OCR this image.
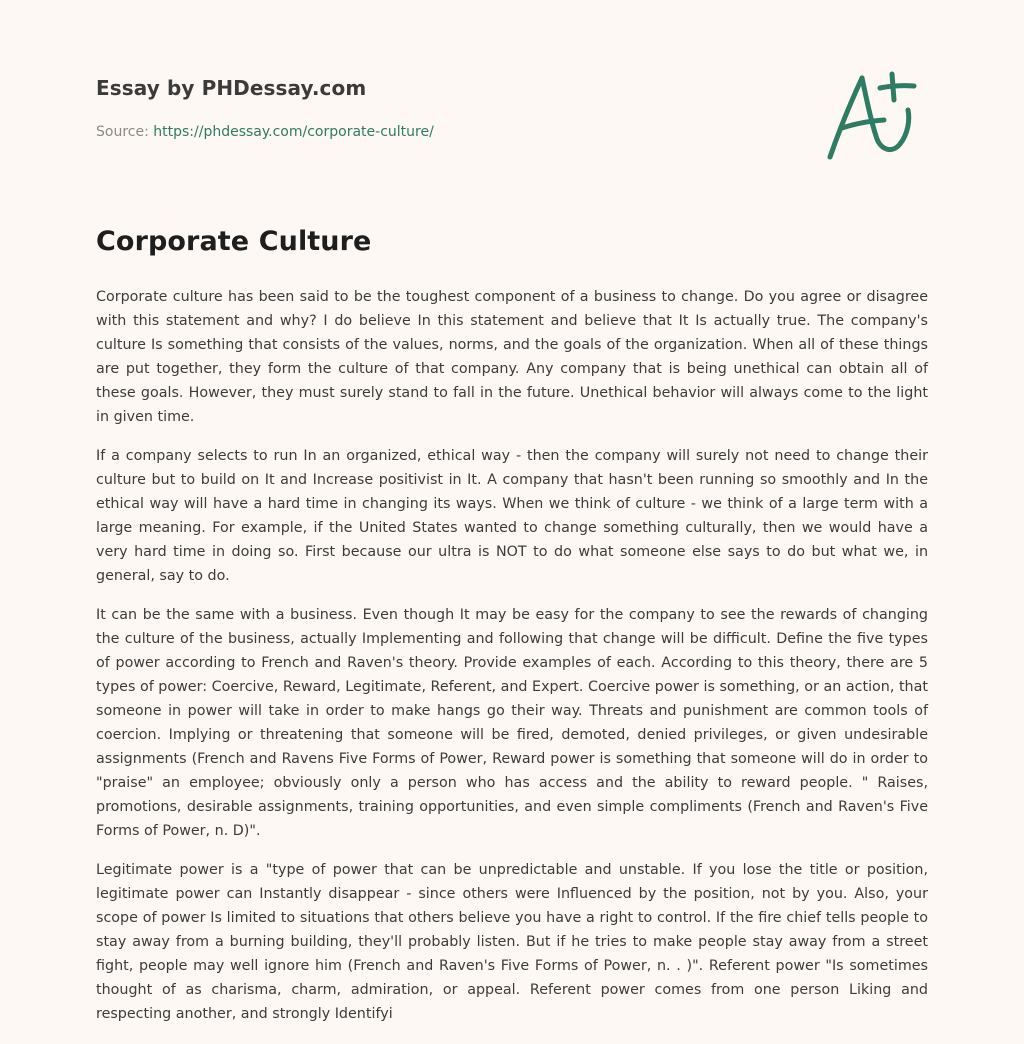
Essay by PHDessay.com
Source: https://phdessay.com/corporate-culture/
Corporate Culture

Corporate culture has been said to be the toughest component of a business to change. Do you agree or disagree with this statement and why? I do believe In this statement and believe that It Is actually true. The company's culture Is something that consists of the values, norms, and the goals of the organization. When all of these things are put together, they form the culture of that company. Any company that is being unethical can obtain all of these goals. However, they must surely stand to fall in the future. Unethical behavior will always come to the light in given time.

If a company selects to run In an organized, ethical way - then the company will surely not need to change their culture but to build on It and Increase positivist in It. A company that hasn't been running so smoothly and In the ethical way will have a hard time in changing its ways. When we think of culture - we think of a large term with a large meaning. For example, if the United States wanted to change something culturally, then we would have a very hard time in doing so. First because our ultra is NOT to do what someone else says to do but what we, in general, say to do.

It can be the same with a business. Even though It may be easy for the company to see the rewards of changing the culture of the business, actually Implementing and following that change will be difficult. Define the five types of power according to French and Raven's theory. Provide examples of each. According to this theory, there are 5 types of power: Coercive, Reward, Legitimate, Referent, and Expert. Coercive power is something, or an action, that someone in power will take in order to make hangs go their way. Threats and punishment are common tools of coercion. Implying or threatening that someone will be fired, demoted, denied privileges, or given undesirable assignments (French and Ravens Five Forms of Power, Reward power is something that someone will do in order to "praise" an employee; obviously only a person who has access and the ability to reward people. " Raises, promotions, desirable assignments, training opportunities, and even simple compliments (French and Raven's Five Forms of Power, n. D)".

Legitimate power is a "type of power that can be unpredictable and unstable. If you lose the title or position, legitimate power can Instantly disappear - since others were Influenced by the position, not by you. Also, your scope of power Is limited to situations that others believe you have a right to control. If the fire chief tells people to stay away from a burning building, they'll probably listen. But if he tries to make people stay away from a street fight, people may well ignore him (French and Raven's Five Forms of Power, n. . )". Referent power "Is sometimes thought of as charisma, charm, admiration, or appeal. Referent power comes from one person Liking and respecting another, and strongly Identifyi
